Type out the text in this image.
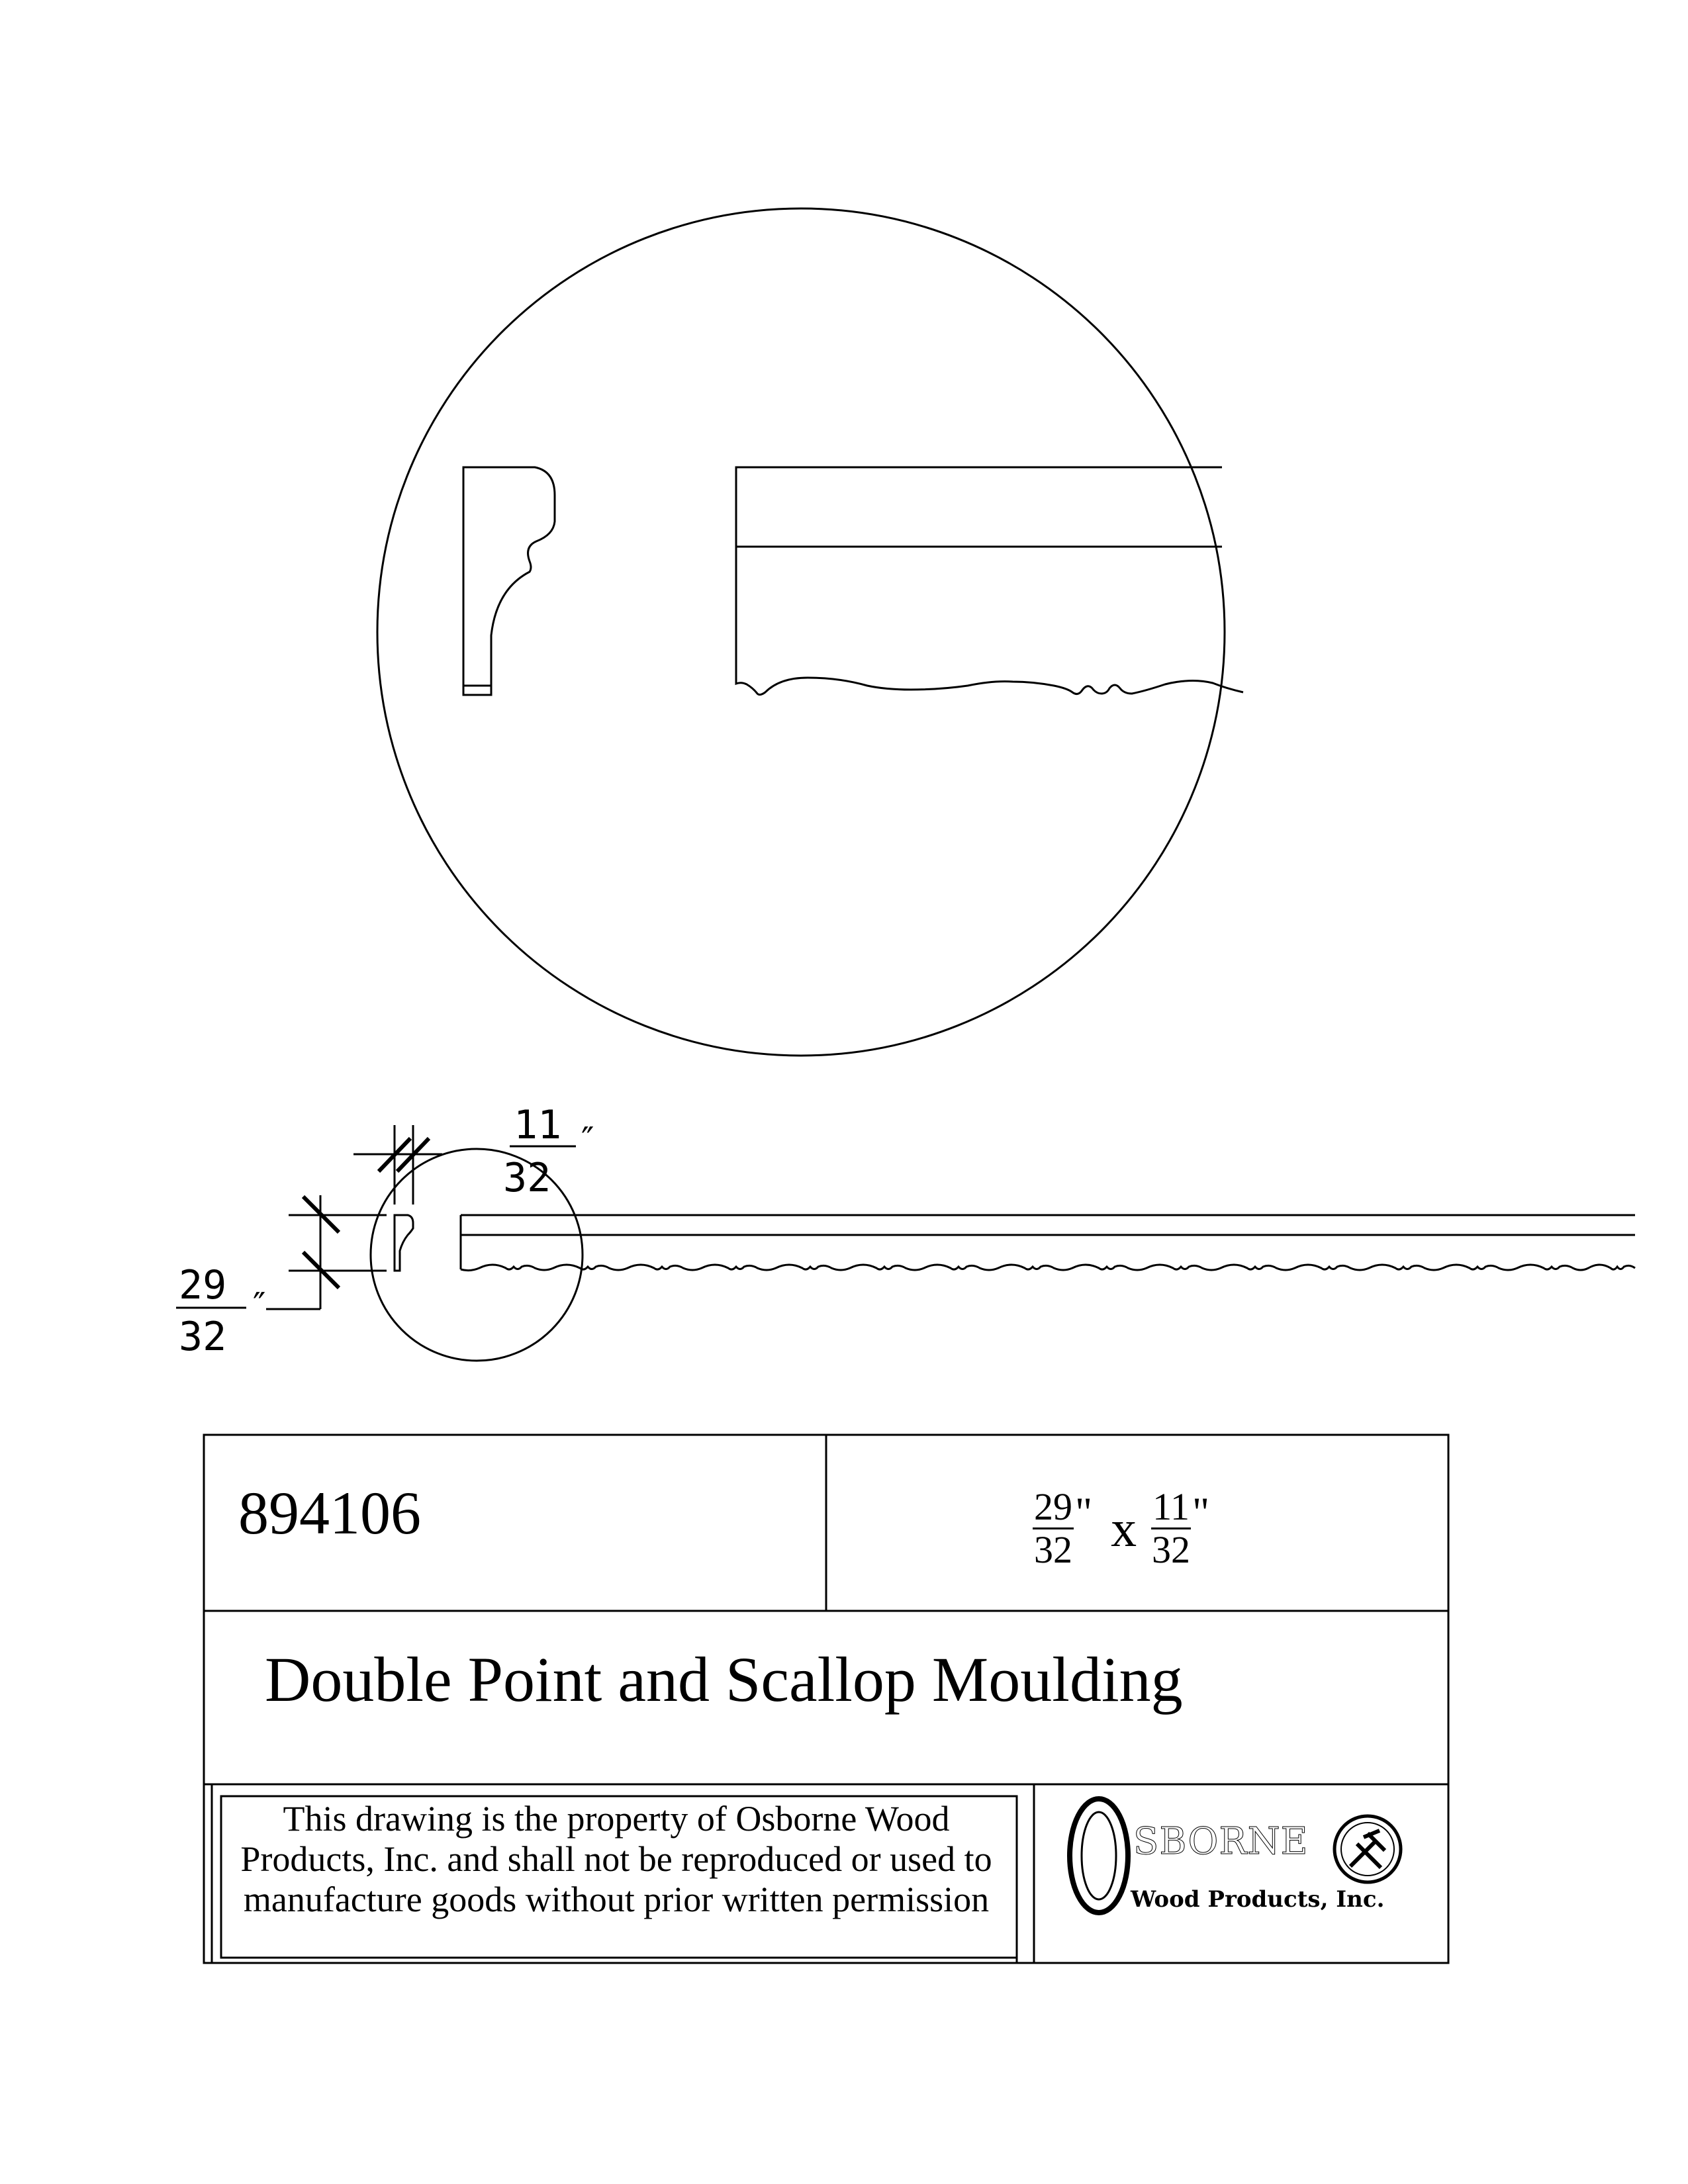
11
32
″
29
32
″
894106	$\frac{29}{32}$ " x $\frac{11}{32}$ "
Double Point and Scallop Moulding
This drawing is the property of Osborne Wood
Products, Inc. and shall not be reproduced or used to
manufacture goods without prior written permission
SBORNE
Wood Products, Inc.
